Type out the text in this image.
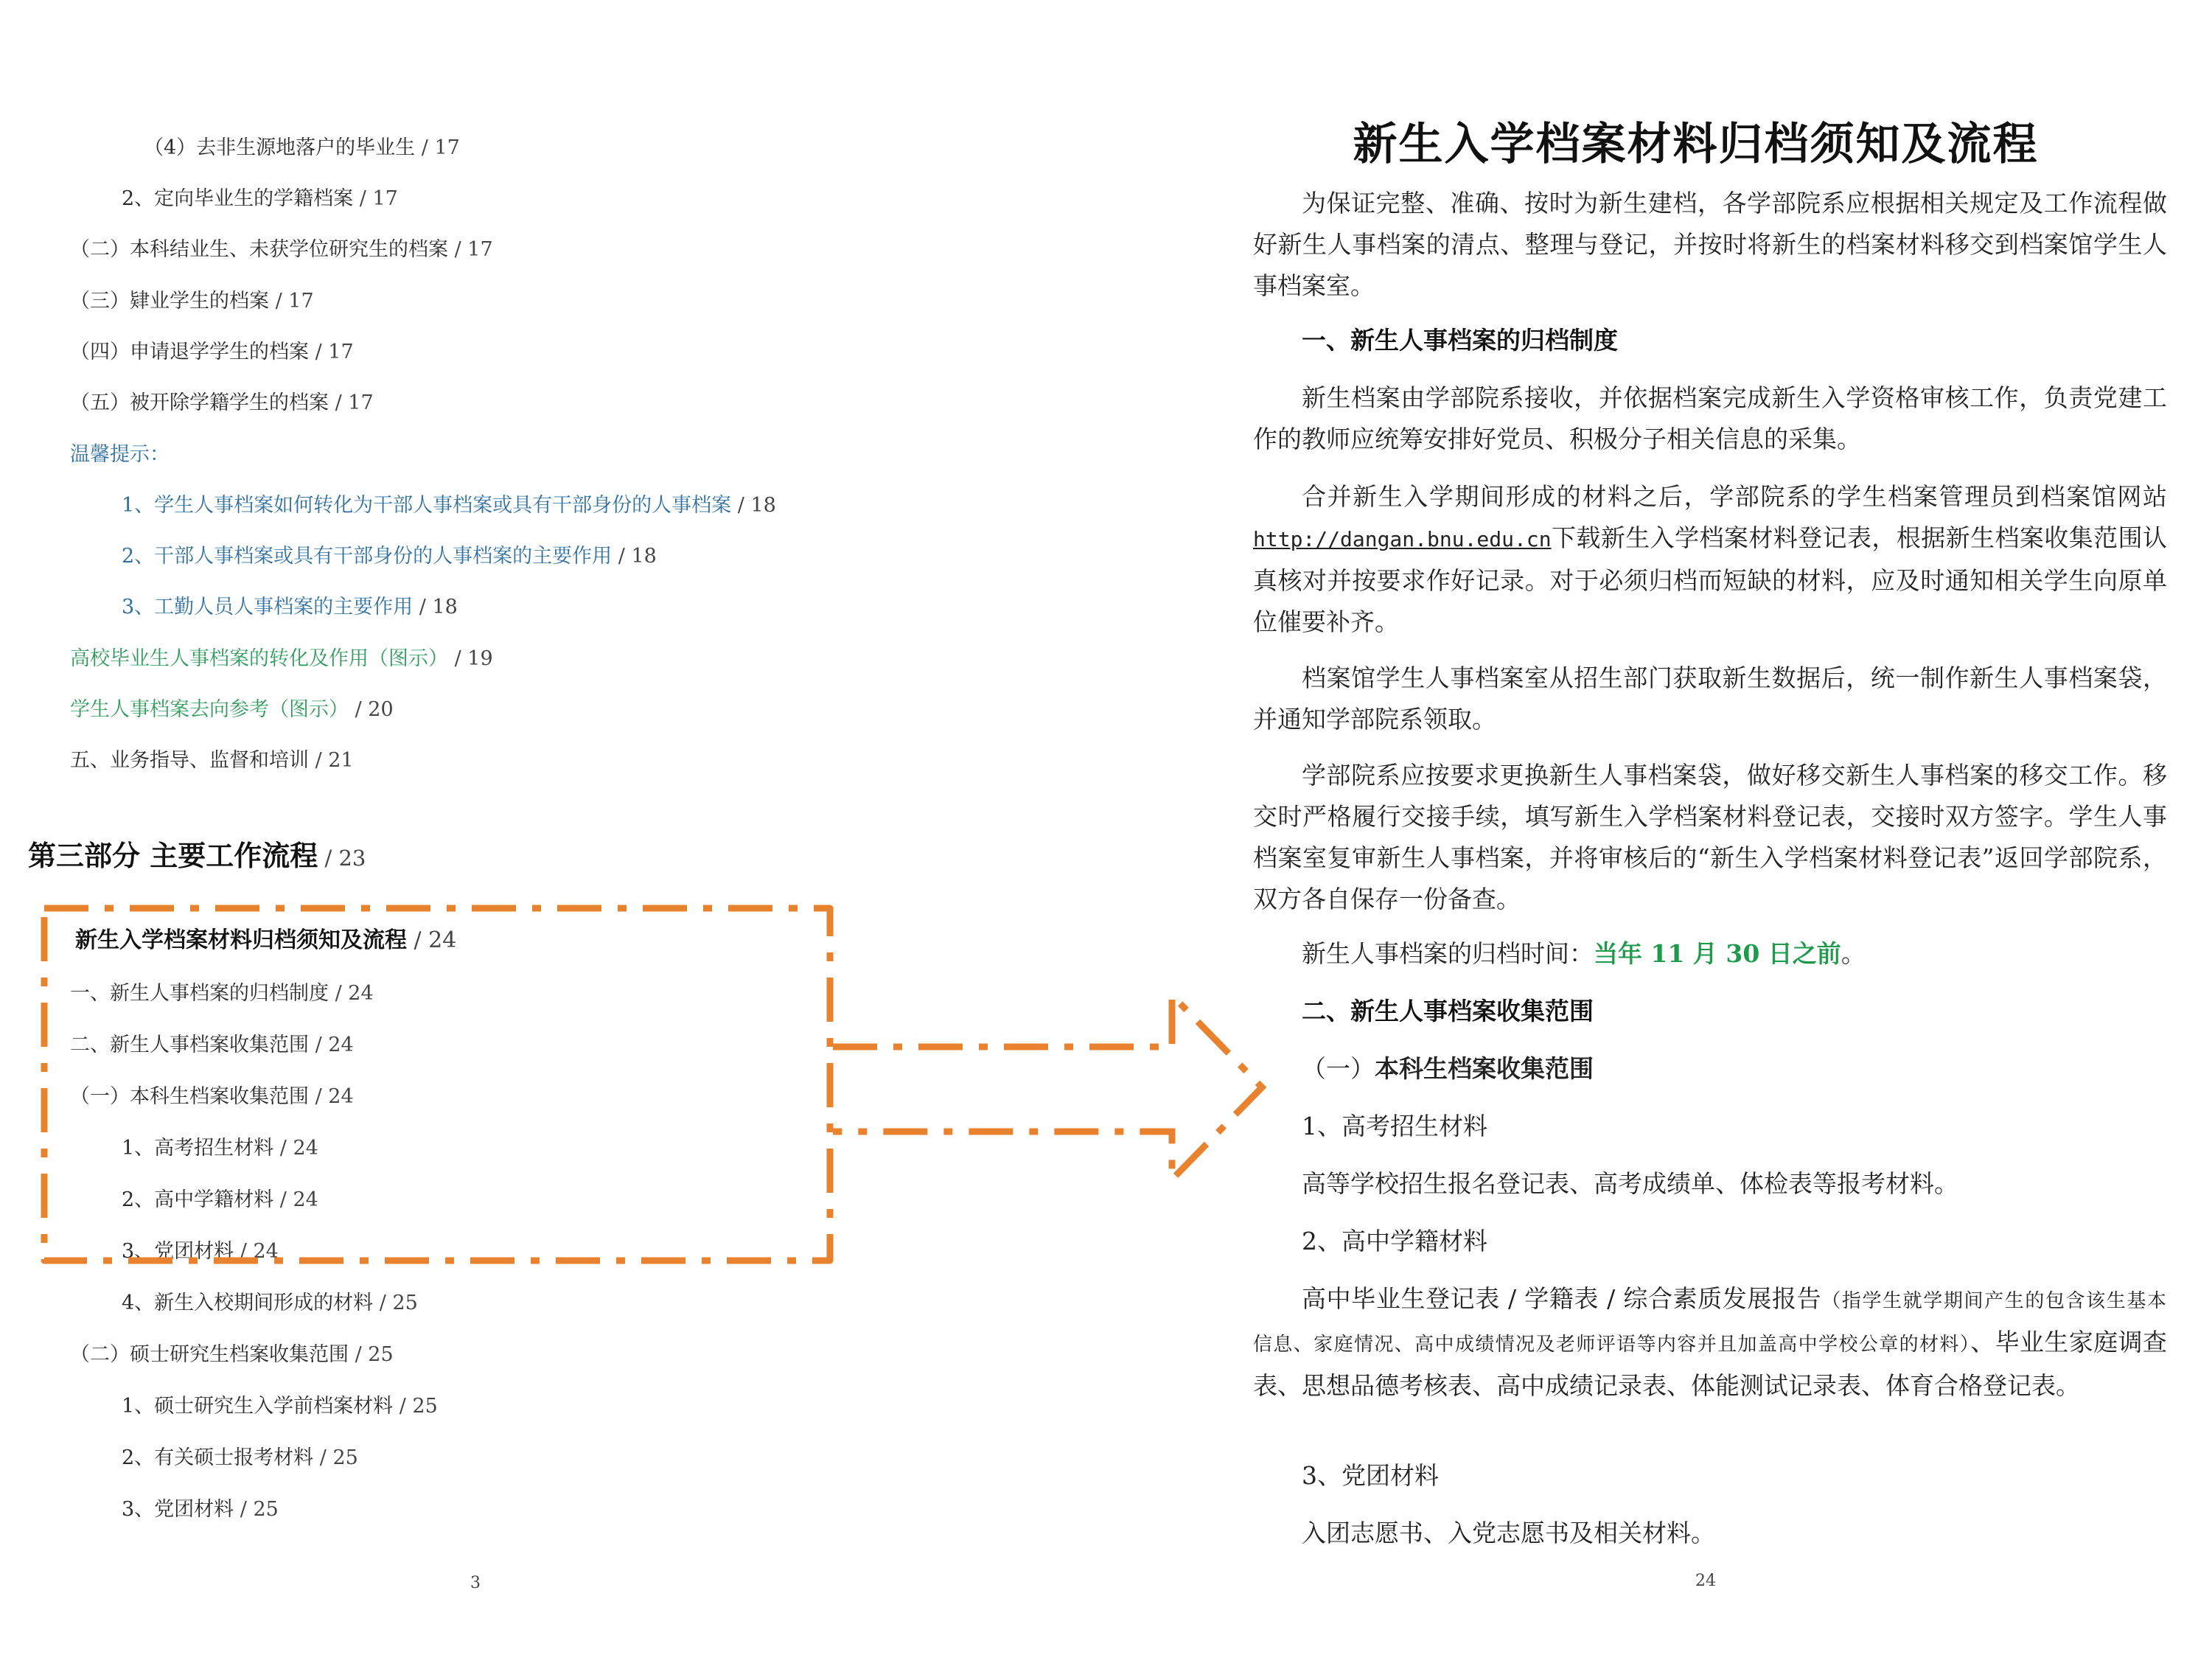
（4）去非生源地落户的毕业生 / 17
2、定向毕业生的学籍档案 / 17
（二）本科结业生、未获学位研究生的档案 / 17
（三）肄业学生的档案 / 17
（四）申请退学学生的档案 / 17
（五）被开除学籍学生的档案 / 17
温馨提示：
1、学生人事档案如何转化为干部人事档案或具有干部身份的人事档案 / 18
2、干部人事档案或具有干部身份的人事档案的主要作用 / 18
3、工勤人员人事档案的主要作用 / 18
高校毕业生人事档案的转化及作用（图示） / 19
学生人事档案去向参考（图示） / 20
五、业务指导、监督和培训 / 21
第三部分 主要工作流程 / 23
新生入学档案材料归档须知及流程 / 24
一、新生人事档案的归档制度 / 24
二、新生人事档案收集范围 / 24
（一）本科生档案收集范围 / 24
1、高考招生材料 / 24
2、高中学籍材料 / 24
3、党团材料 / 24
4、新生入校期间形成的材料 / 25
（二）硕士研究生档案收集范围 / 25
1、硕士研究生入学前档案材料 / 25
2、有关硕士报考材料 / 25
3、党团材料 / 25
3
新生入学档案材料归档须知及流程
为保证完整、准确、按时为新生建档，各学部院系应根据相关规定及工作流程做好新生人事档案的清点、整理与登记，并按时将新生的档案材料移交到档案馆学生人事档案室。
一、新生人事档案的归档制度
新生档案由学部院系接收，并依据档案完成新生入学资格审核工作，负责党建工作的教师应统筹安排好党员、积极分子相关信息的采集。
合并新生入学期间形成的材料之后，学部院系的学生档案管理员到档案馆网站http://dangan.bnu.edu.cn下载新生入学档案材料登记表，根据新生档案收集范围认真核对并按要求作好记录。对于必须归档而短缺的材料，应及时通知相关学生向原单位催要补齐。
档案馆学生人事档案室从招生部门获取新生数据后，统一制作新生人事档案袋，并通知学部院系领取。
学部院系应按要求更换新生人事档案袋，做好移交新生人事档案的移交工作。移交时严格履行交接手续，填写新生入学档案材料登记表，交接时双方签字。学生人事档案室复审新生人事档案，并将审核后的“新生入学档案材料登记表”返回学部院系，双方各自保存一份备查。
新生人事档案的归档时间：当年 11 月 30 日之前。
二、新生人事档案收集范围
（一）本科生档案收集范围
1、高考招生材料
高等学校招生报名登记表、高考成绩单、体检表等报考材料。
2、高中学籍材料
高中毕业生登记表 / 学籍表 / 综合素质发展报告（指学生就学期间产生的包含该生基本信息、家庭情况、高中成绩情况及老师评语等内容并且加盖高中学校公章的材料）、毕业生家庭调查表、思想品德考核表、高中成绩记录表、体能测试记录表、体育合格登记表。
3、党团材料
入团志愿书、入党志愿书及相关材料。
24
